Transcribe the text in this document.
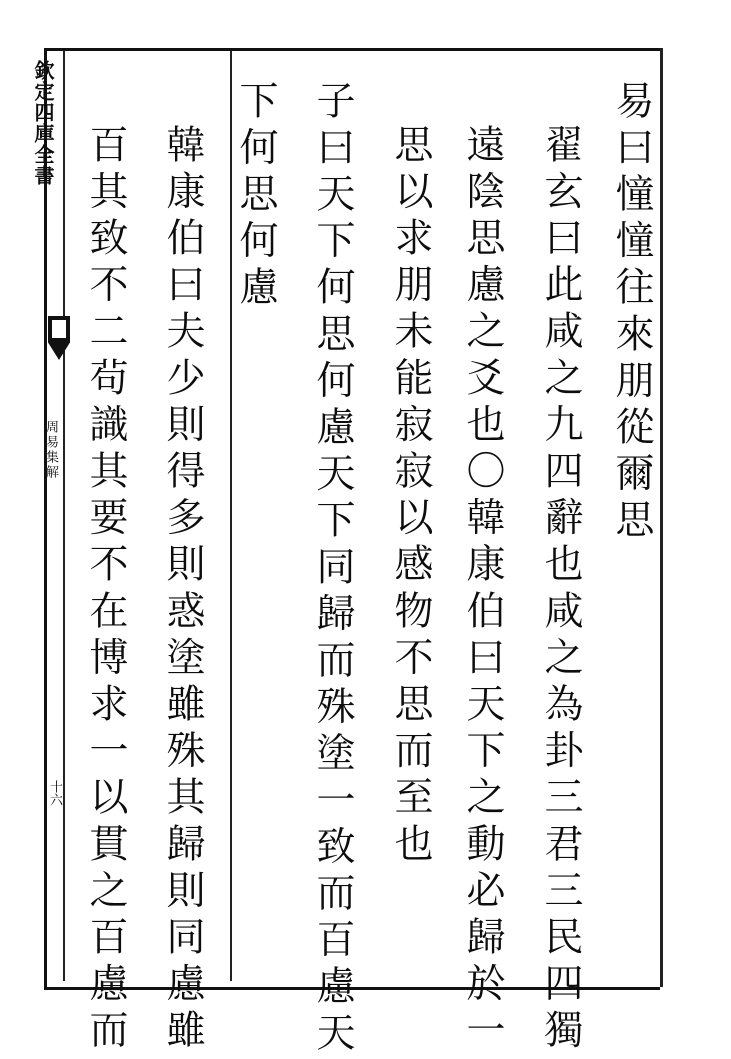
欽定四庫全書
周易集解
十六
易曰憧憧往來朋從爾思
翟玄曰此咸之九四辭也咸之為卦三君三民四獨
遠陰思慮之爻也〇韓康伯曰天下之動必歸於一
思以求朋未能寂寂以感物不思而至也
子曰天下何思何慮天下同歸而殊塗一致而百慮天
下何思何慮
韓康伯曰夫少則得多則惑塗雖殊其歸則同慮雖
百其致不二茍識其要不在博求一以貫之百慮而
